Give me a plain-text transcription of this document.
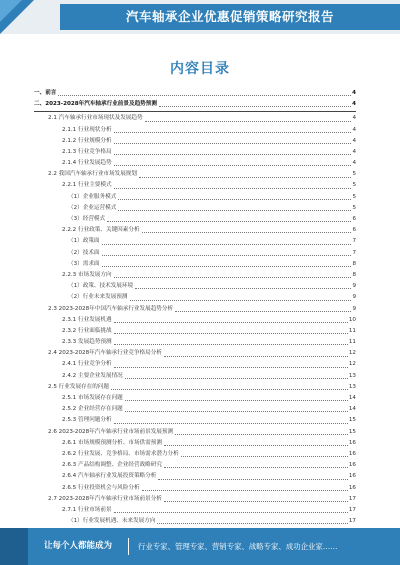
汽车轴承企业优惠促销策略研究报告
内容目录
一、前言	4
二、2023-2028年汽车轴承行业前景及趋势预测	4
2.1 汽车轴承行业市场现状及发展趋势	4
2.1.1 行业现状分析	4
2.1.2 行业规模分析	4
2.1.3 行业竞争格局	4
2.1.4 行业发展趋势	4
2.2 我国汽车轴承行业市场发展规划	5
2.2.1 行业主要模式	5
（1）企业服务模式	5
（2）企业运营模式	5
（3）经营模式	6
2.2.2 行业政策、关键因素分析	6
（1）政策面	7
（2）技术面	7
（3）需求面	8
2.2.3 市场发展方向	8
（1）政策、技术发展环境	9
（2）行业未来发展预测	9
2.3 2023-2028年中国汽车轴承行业发展趋势分析	9
2.3.1 行业发展机遇	10
2.3.2 行业面临挑战	11
2.3.3 发展趋势预测	11
2.4 2023-2028年汽车轴承行业竞争格局分析	12
2.4.1 行业竞争分析	12
2.4.2 主要企业发展情况	13
2.5 行业发展存在的问题	13
2.5.1 市场发展存在问题	14
2.5.2 企业经营存在问题	14
2.5.3 管理问题分析	15
2.6 2023-2028年汽车轴承行业市场前景发展预测	15
2.6.1 市场规模预测分析、市场供需预测	16
2.6.2 行业发展、竞争格局、市场需求潜力分析	16
2.6.3 产品结构调整、企业经营战略研究	16
2.6.4 汽车轴承行业发展投资策略分析	16
2.6.5 行业投资机会与风险分析	16
2.7 2023-2028年汽车轴承行业市场前景分析	17
2.7.1 行业市场前景	17
（1）行业发展机遇、未来发展方向	17
让每个人都能成为	行业专家、管理专家、营销专家、战略专家、成功企业家……
